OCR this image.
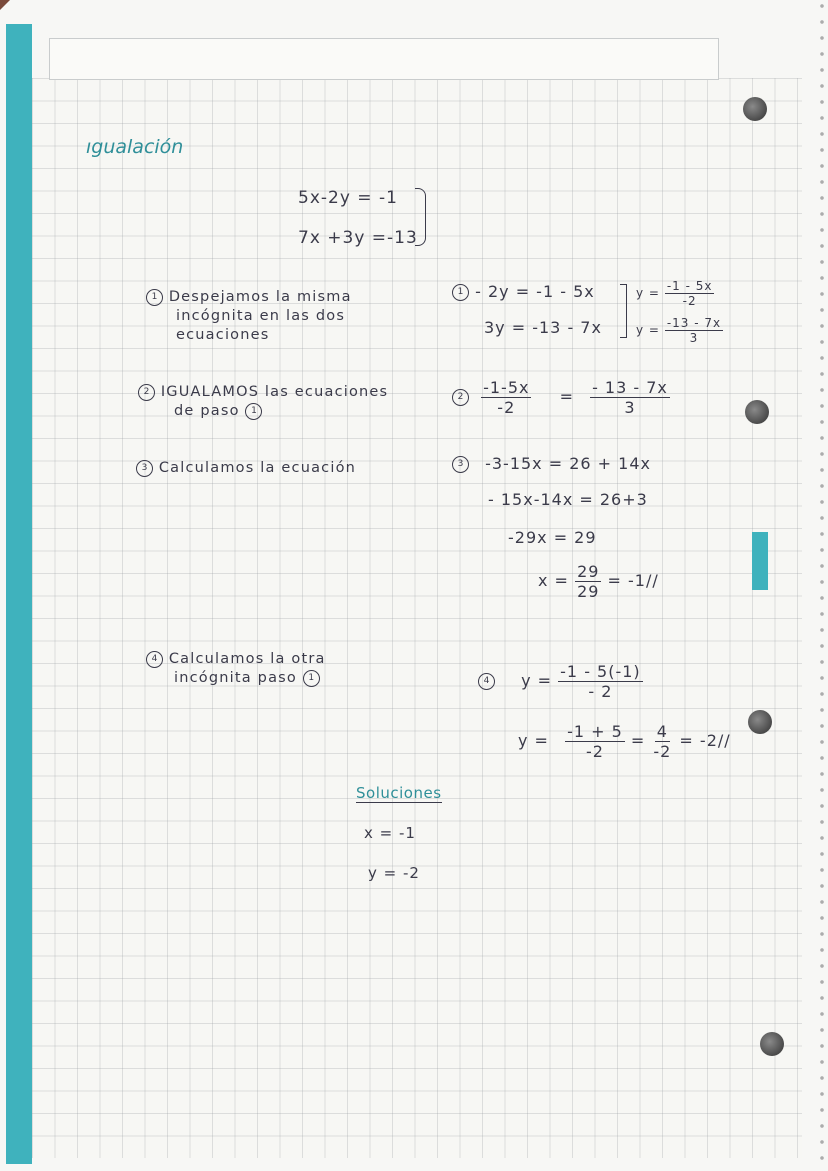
ıgualación
5x-2y = -1
7x +3y =-13
1 Despejamos la misma
incógnita en las dos
ecuaciones
2 IGUALAMOS las ecuaciones
de paso 1
3 Calculamos la ecuación
4 Calculamos la otra
incógnita paso 1
1 - 2y = -1 - 5x
3y = -13 - 7x
$y = \frac{-1 - 5x}{-2}$
$y = \frac{-13 - 7x}{3}$
$2 \frac{-1-5x}{-2} = \frac{- 13 - 7x}{3}$
3 -3-15x = 26 + 14x
- 15x-14x = 26+3
-29x = 29
$x = \frac{29}{29} = -1//$
4 $y = \frac{-1 - 5(-1)}{- 2}$
$y = \frac{-1 + 5}{-2} = \frac{4}{-2} = -2//$
Soluciones
x = -1
y = -2
